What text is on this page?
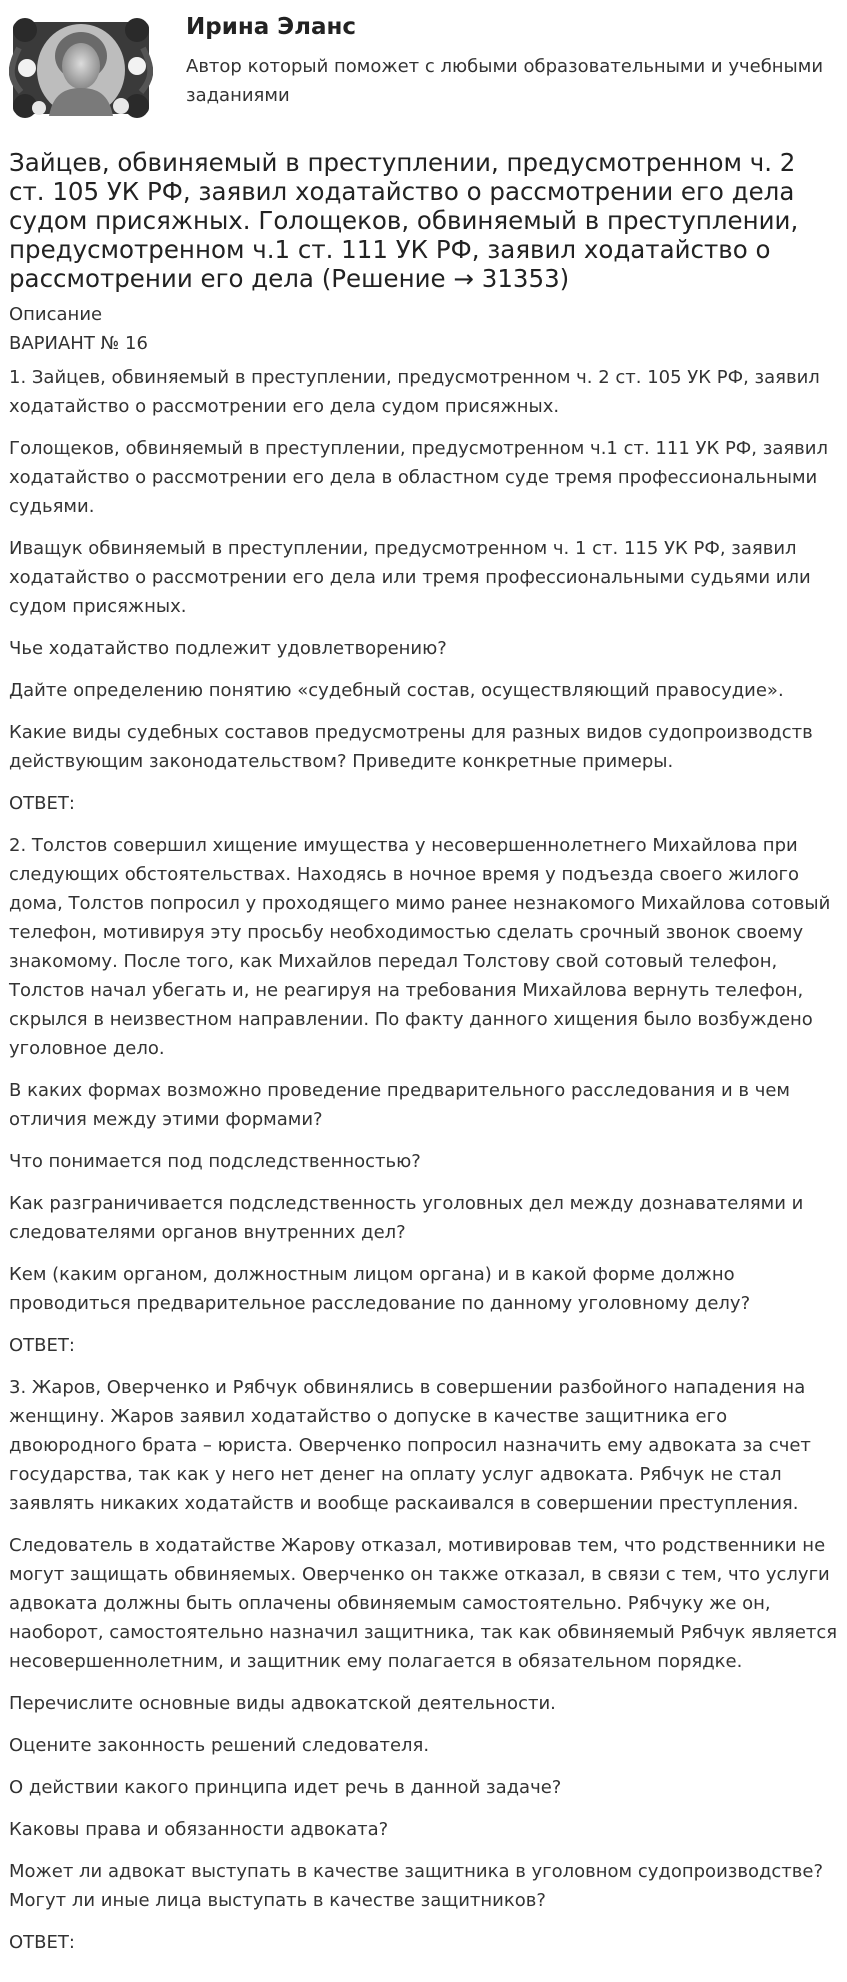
Ирина Эланс
Автор который поможет с любыми образовательными и учебными заданиями
Зайцев, обвиняемый в преступлении, предусмотренном ч. 2 ст. 105 УК РФ, заявил ходатайство о рассмотрении его дела судом присяжных. Голощеков, обвиняемый в преступлении, предусмотренном ч.1 ст. 111 УК РФ, заявил ходатайство о рассмотрении его дела (Решение → 31353)
Описание
ВАРИАНТ № 16

1. Зайцев, обвиняемый в преступлении, предусмотренном ч. 2 ст. 105 УК РФ, заявил ходатайство о рассмотрении его дела судом присяжных.

Голощеков, обвиняемый в преступлении, предусмотренном ч.1 ст. 111 УК РФ, заявил ходатайство о рассмотрении его дела в областном суде тремя профессиональными судьями.

Иващук обвиняемый в преступлении, предусмотренном ч. 1 ст. 115 УК РФ, заявил ходатайство о рассмотрении его дела или тремя профессиональными судьями или судом присяжных.

Чье ходатайство подлежит удовлетворению?

Дайте определению понятию «судебный состав, осуществляющий правосудие».

Какие виды судебных составов предусмотрены для разных видов судопроизводств действующим законодательством? Приведите конкретные примеры.

ОТВЕТ:

2. Толстов совершил хищение имущества у несовершеннолетнего Михайлова при следующих обстоятельствах. Находясь в ночное время у подъезда своего жилого дома, Толстов попросил у проходящего мимо ранее незнакомого Михайлова сотовый телефон, мотивируя эту просьбу необходимостью сделать срочный звонок своему знакомому. После того, как Михайлов передал Толстову свой сотовый телефон, Толстов начал убегать и, не реагируя на требования Михайлова вернуть телефон, скрылся в неизвестном направлении. По факту данного хищения было возбуждено уголовное дело.

В каких формах возможно проведение предварительного расследования и в чем отличия между этими формами?

Что понимается под подследственностью?

Как разграничивается подследственность уголовных дел между дознавателями и следователями органов внутренних дел?

Кем (каким органом, должностным лицом органа) и в какой форме должно проводиться предварительное расследование по данному уголовному делу?

ОТВЕТ:

3. Жаров, Оверченко и Рябчук обвинялись в совершении разбойного нападения на женщину. Жаров заявил ходатайство о допуске в качестве защитника его двоюродного брата – юриста. Оверченко попросил назначить ему адвоката за счет государства, так как у него нет денег на оплату услуг адвоката. Рябчук не стал заявлять никаких ходатайств и вообще раскаивался в совершении преступления.

Следователь в ходатайстве Жарову отказал, мотивировав тем, что родственники не могут защищать обвиняемых. Оверченко он также отказал, в связи с тем, что услуги адвоката должны быть оплачены обвиняемым самостоятельно. Рябчуку же он, наоборот, самостоятельно назначил защитника, так как обвиняемый Рябчук является несовершеннолетним, и защитник ему полагается в обязательном порядке.

Перечислите основные виды адвокатской деятельности.

Оцените законность решений следователя.

О действии какого принципа идет речь в данной задаче?

Каковы права и обязанности адвоката?

Может ли адвокат выступать в качестве защитника в уголовном судопроизводстве? Могут ли иные лица выступать в качестве защитников?

ОТВЕТ:
